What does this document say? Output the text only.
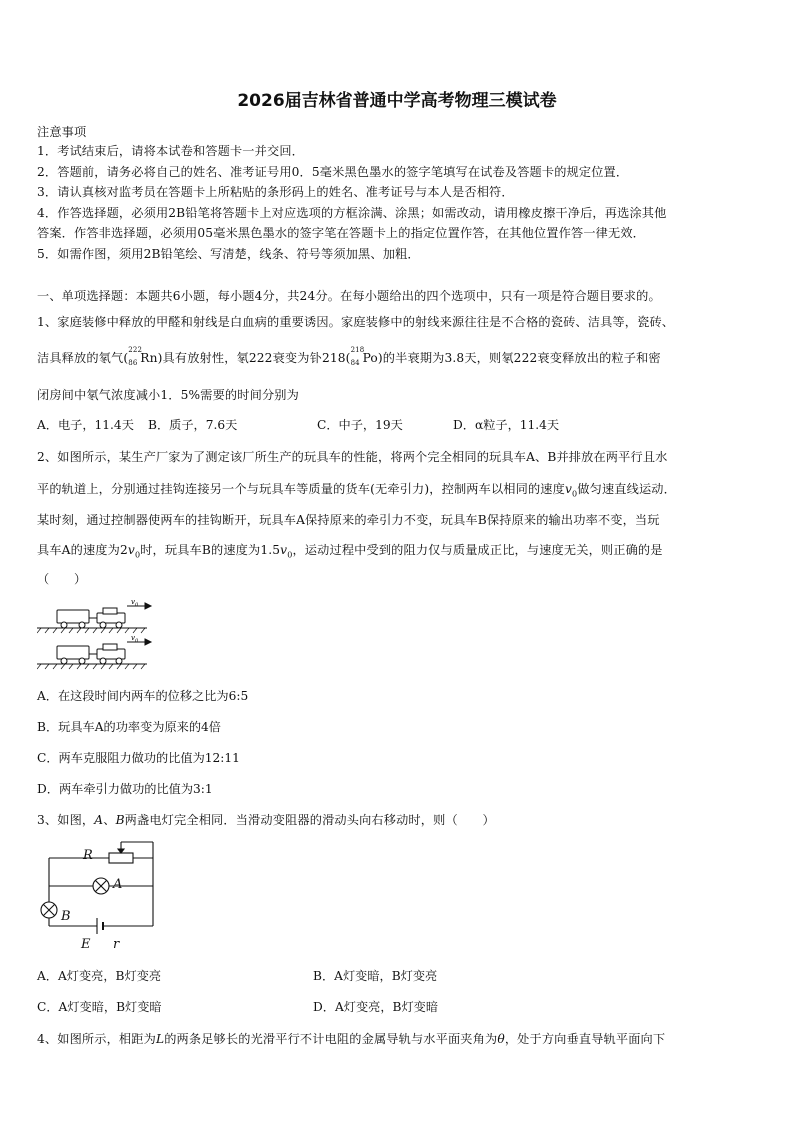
2026届吉林省普通中学高考物理三模试卷
注意事项
1．考试结束后，请将本试卷和答题卡一并交回．
2．答题前，请务必将自己的姓名、准考证号用0．5毫米黑色墨水的签字笔填写在试卷及答题卡的规定位置．
3．请认真核对监考员在答题卡上所粘贴的条形码上的姓名、准考证号与本人是否相符．
4．作答选择题，必须用2B铅笔将答题卡上对应选项的方框涂满、涂黑；如需改动，请用橡皮擦干净后，再选涂其他
答案．作答非选择题，必须用05毫米黑色墨水的签字笔在答题卡上的指定位置作答，在其他位置作答一律无效．
5．如需作图，须用2B铅笔绘、写清楚，线条、符号等须加黑、加粗．
一、单项选择题：本题共6小题，每小题4分，共24分。在每小题给出的四个选项中，只有一项是符合题目要求的。
1、家庭装修中释放的甲醛和射线是白血病的重要诱因。家庭装修中的射线来源往往是不合格的瓷砖、洁具等，瓷砖、
洁具释放的氡气(
222
86 Rn)具有放射性，氡222衰变为钋218(
218
84 Po)的半衰期为3.8天，则氡222衰变释放出的粒子和密
闭房间中氡气浓度减小1．5%需要的时间分别为
A．电子，11.4天 B．质子，7.6天	C．中子，19天	D．α粒子，11.4天
2、如图所示，某生产厂家为了测定该厂所生产的玩具车的性能，将两个完全相同的玩具车A、B并排放在两平行且水
平的轨道上，分别通过挂钩连接另一个与玩具车等质量的货车(无牵引力)，控制两车以相同的速度$v_0$做匀速直线运动．
某时刻，通过控制器使两车的挂钩断开，玩具车A保持原来的牵引力不变，玩具车B保持原来的输出功率不变，当玩
具车A的速度为$2v_0$时，玩具车B的速度为$1.5v_0$，运动过程中受到的阻力仅与质量成正比，与速度无关，则正确的是
（　　）
$v_0$
$v_0$
A．在这段时间内两车的位移之比为6:5
B．玩具车A的功率变为原来的4倍
C．两车克服阻力做功的比值为12:11
D．两车牵引力做功的比值为3:1
3、如图，A、B两盏电灯完全相同．当滑动变阻器的滑动头向右移动时，则（　　）
R
A
B
E r
A．A灯变亮，B灯变亮	B．A灯变暗，B灯变亮
C．A灯变暗，B灯变暗	D．A灯变亮，B灯变暗
4、如图所示，相距为L的两条足够长的光滑平行不计电阻的金属导轨与水平面夹角为θ，处于方向垂直导轨平面向下
